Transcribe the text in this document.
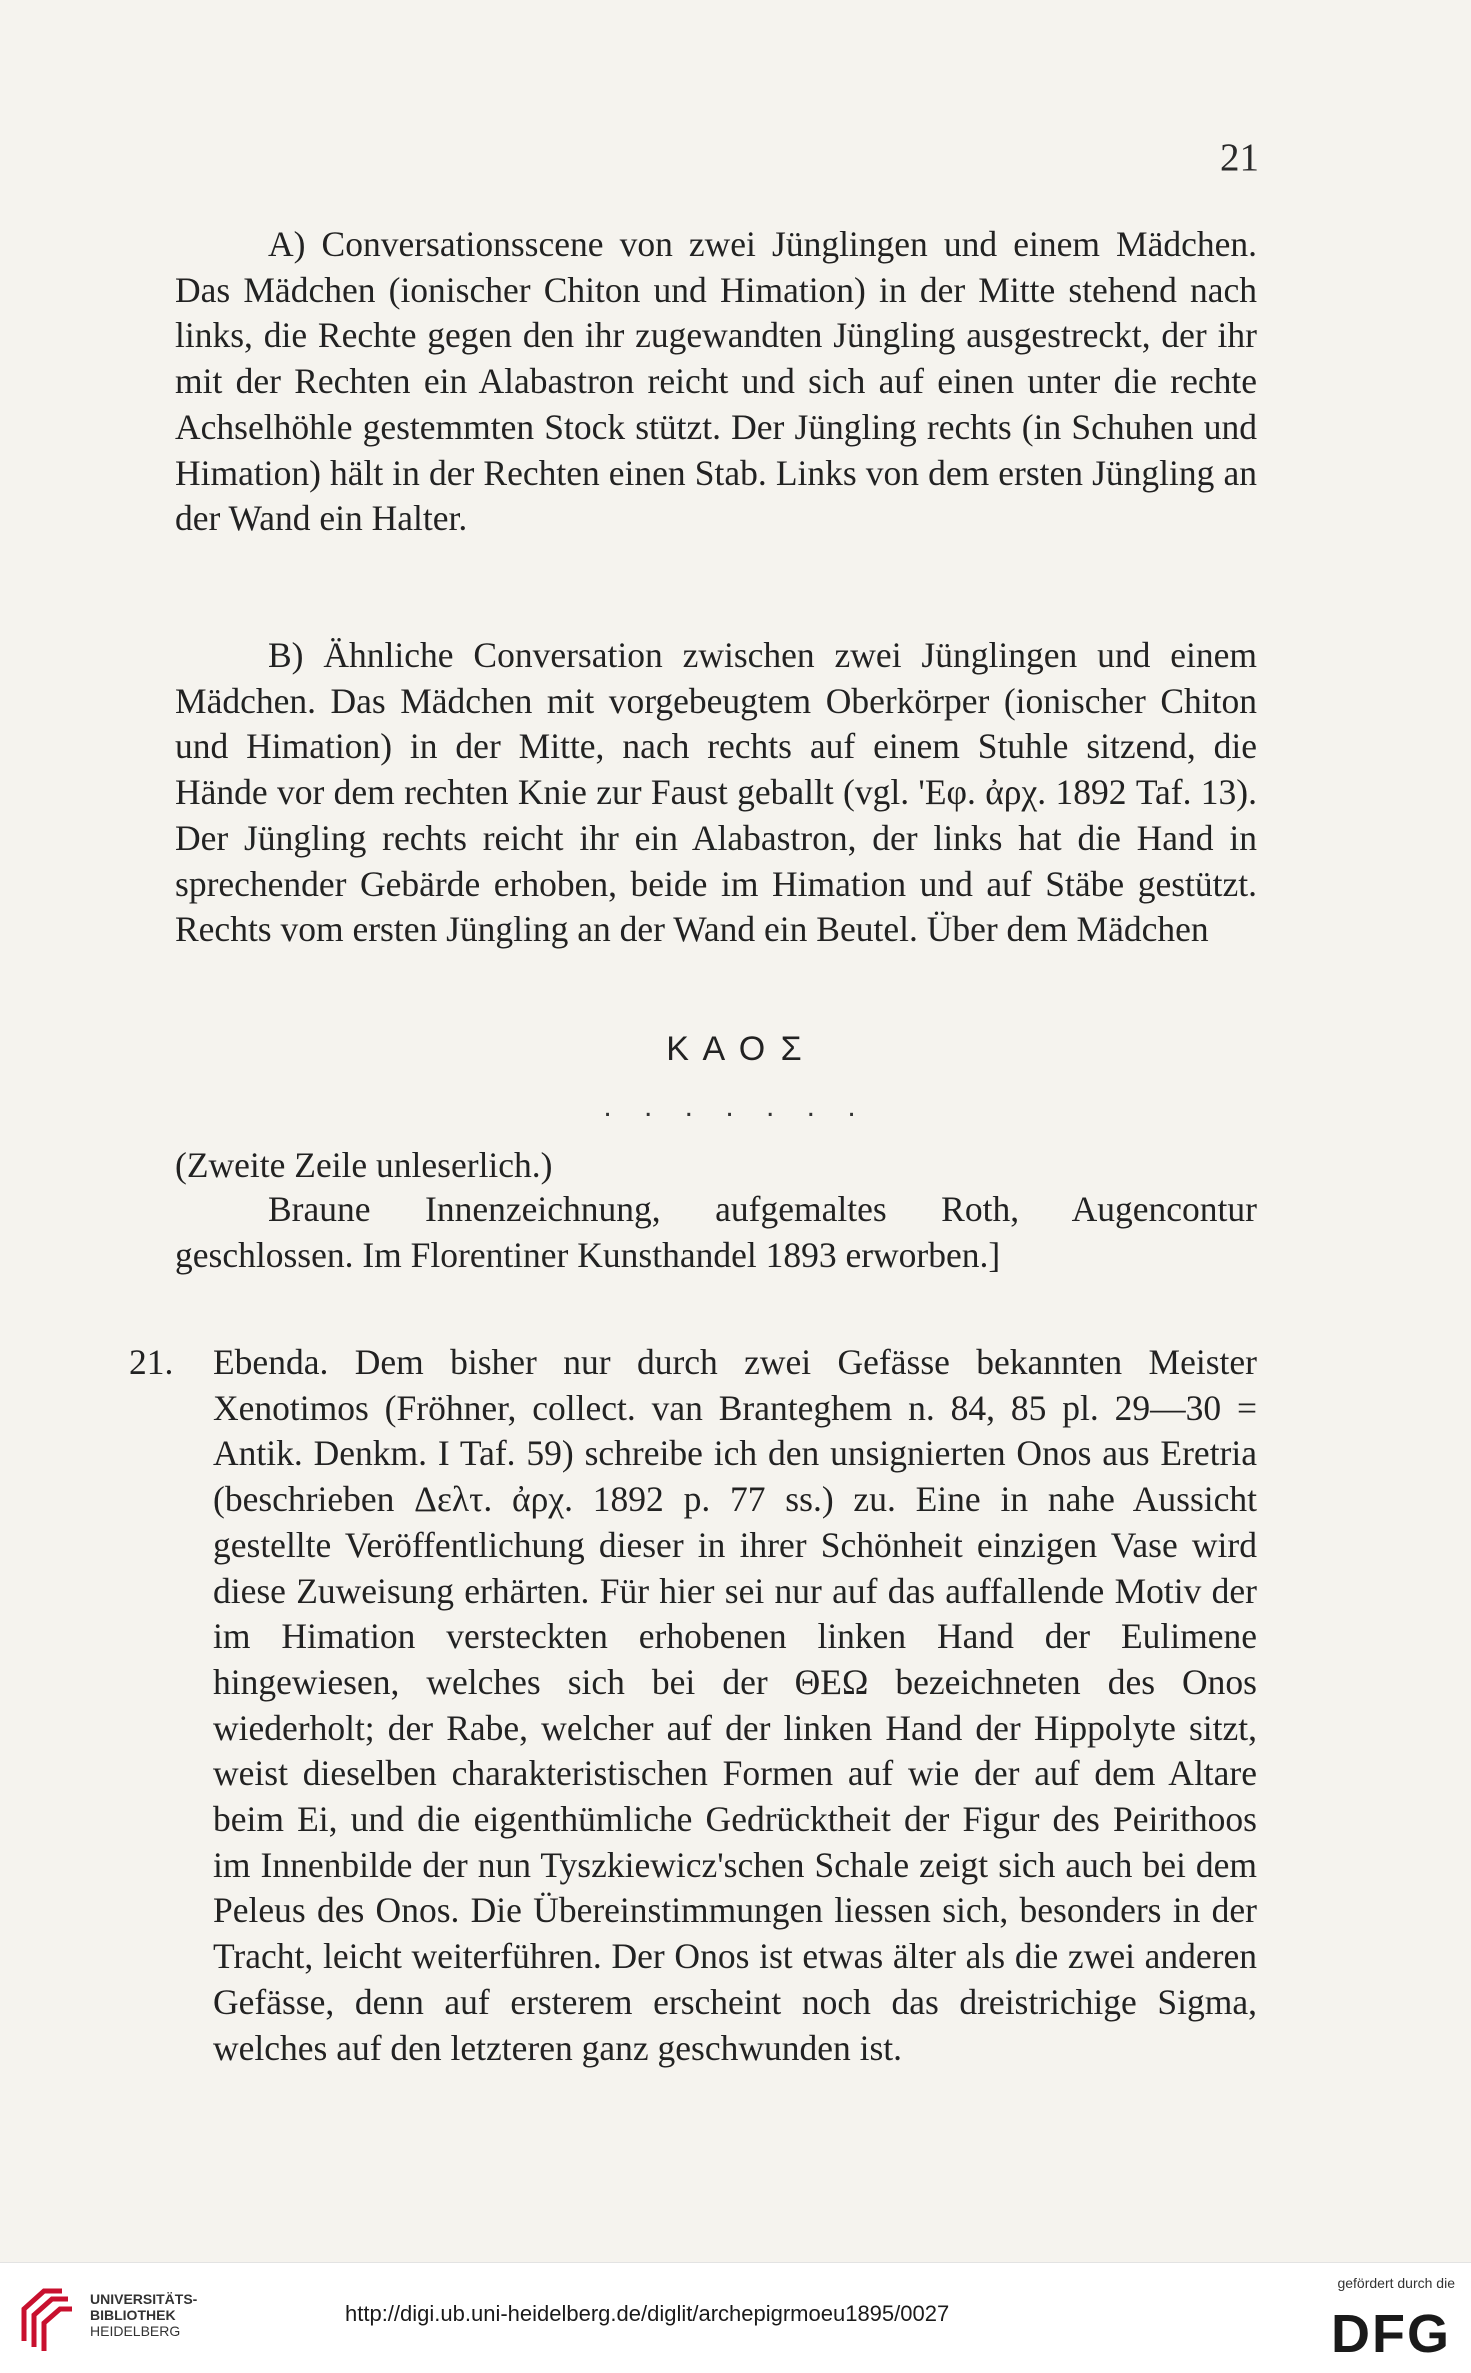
21

A) Conversationsscene von zwei Jünglingen und einem Mädchen. Das Mädchen (ionischer Chiton und Himation) in der Mitte stehend nach links, die Rechte gegen den ihr zugewandten Jüngling ausgestreckt, der ihr mit der Rechten ein Alabastron reicht und sich auf einen unter die rechte Achselhöhle gestemmten Stock stützt. Der Jüngling rechts (in Schuhen und Himation) hält in der Rechten einen Stab. Links von dem ersten Jüngling an der Wand ein Halter.

B) Ähnliche Conversation zwischen zwei Jünglingen und einem Mädchen. Das Mädchen mit vorgebeugtem Oberkörper (ionischer Chiton und Himation) in der Mitte, nach rechts auf einem Stuhle sitzend, die Hände vor dem rechten Knie zur Faust geballt (vgl. 'Εφ. ἀρχ. 1892 Taf. 13). Der Jüngling rechts reicht ihr ein Alabastron, der links hat die Hand in sprechender Gebärde erhoben, beide im Himation und auf Stäbe gestützt. Rechts vom ersten Jüngling an der Wand ein Beutel. Über dem Mädchen

K A O Σ
. . . . . . .

(Zweite Zeile unleserlich.)

Braune Innenzeichnung, aufgemaltes Roth, Augencontur geschlossen. Im Florentiner Kunsthandel 1893 erworben.]

21. Ebenda. Dem bisher nur durch zwei Gefässe bekannten Meister Xenotimos (Fröhner, collect. van Branteghem n. 84, 85 pl. 29—30 = Antik. Denkm. I Taf. 59) schreibe ich den unsignierten Onos aus Eretria (beschrieben Δελτ. ἀρχ. 1892 p. 77 ss.) zu. Eine in nahe Aussicht gestellte Veröffentlichung dieser in ihrer Schönheit einzigen Vase wird diese Zuweisung erhärten. Für hier sei nur auf das auffallende Motiv der im Himation versteckten erhobenen linken Hand der Eulimene hingewiesen, welches sich bei der ΘΕΩ bezeichneten des Onos wiederholt; der Rabe, welcher auf der linken Hand der Hippolyte sitzt, weist dieselben charakteristischen Formen auf wie der auf dem Altare beim Ei, und die eigenthümliche Gedrücktheit der Figur des Peirithoos im Innenbilde der nun Tyszkiewicz'schen Schale zeigt sich auch bei dem Peleus des Onos. Die Übereinstimmungen liessen sich, besonders in der Tracht, leicht weiterführen. Der Onos ist etwas älter als die zwei anderen Gefässe, denn auf ersterem erscheint noch das dreistrichige Sigma, welches auf den letzteren ganz geschwunden ist.

UNIVERSITÄTS-
BIBLIOTHEK
HEIDELBERG
http://digi.ub.uni-heidelberg.de/diglit/archepigrmoeu1895/0027
gefördert durch die
DFG
